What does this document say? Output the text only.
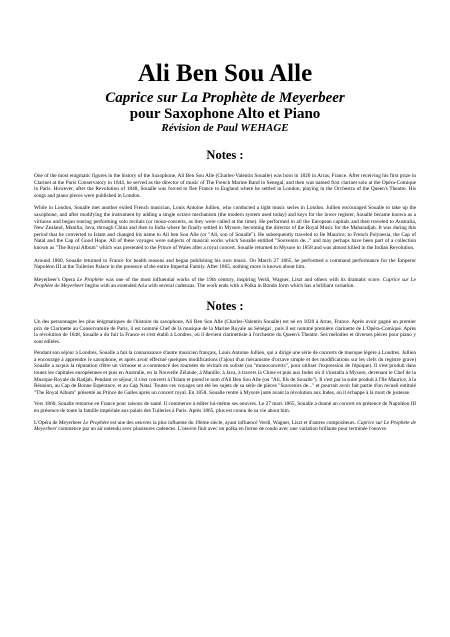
Ali Ben Sou Alle
Caprice sur La Prophète de Meyerbeer
pour Saxophone Alto et Piano
Révision de Paul WEHAGE
Notes :

One of the most enigmatic figures in the history of the Saxophone, Ali Ben Sou Alle (Charles-Valentin Soualle) was born in 1820 in Arras, France. After receiving his first prize in Clarinet at the Paris Conservatory in 1844, he served as the director of music of The French Marine Band in Senegal, and then was named first clarinet solo at the Opéra-Comique in Paris. However, after the Revolution of 1848, Soualle was forced to flee France to England where he settled in London, playing in the Orchestra of the Queen's Theatre. His songs and piano pieces were published in London.

While in London, Soualle met another exiled French musician, Louis Antoine Jullien, who conducted a light music series in London. Jullien encouraged Soualle to take up the saxophone, and after modifying the instrument by adding a single octave mechanism (the modern system used today) and keys for the lower register, Soualle became known as a virtuoso and began touring performing solo recitals (or mono-concerts, as they were called at the time). He performed in all the European capitals and then traveled to Australia, New Zealand, Manilla, Java, through China and then to India where he finally settled in Mysore, becoming the director of the Royal Music for the Maharadjah. It was during this period that he converted to Islam and changed his name to Ali ben Sou Alle (or "Ali, son of Soualle"). He subsequently traveled to Ile Maurice, to French Polynesia, the Cap of Natal and the Cap of Good Hope. All of these voyages were subjects of musical works which Soualle entitled "Souvenirs de..." and may perhaps have been part of a collection known as "The Royal Album" which was presented to the Prince of Wales after a royal concert. Soualle returned to Mysore in 1858 and was almost killed in the Indian Revolution.

Around 1860, Soualle returned to France for health reasons and began publishing his own music. On March 27 1865, he performed a command performance for the Emperor Napoléon III at the Tuileries Palace in the presence of the entire Imperial Family. After 1865, nothing more is known about him.

Meyerbeer's Opera Le Prophète was one of the most influential works of the 19th century, inspiring Verdi, Wagner, Liszt and others with its dramatic score. Caprice sur Le Prophète de Meyerbeer begins with an extended Aria with several cadenzas. The work ends with a Polka in Rondo form which has a brilliant variation.

Notes :

Un des personnages les plus énigmatiques de l'histoire du saxophone, Ali Ben Sou Alle (Charles-Valentin Soualle) est né en 1820 à Arras, France. Après avoir gagné un premier prix de Clarinette au Conservatoire de Paris, il est nommé Chef de la musique de la Marine Royale au Sénégal , puis il est nommé première clarinette de L'Opéra-Comique. Après la révolution de 1848, Soualle a du fuir la France et s'est établi à Londres, où il devient clarinettiste à l'orchestre du Queen's Theatre. Ses mélodies et diverses pièces pour piano y sont éditées.

Pendant son séjour à Londres, Soualle a fait la connaissance d'autre musicien français, Louis Antoine Jullien, qui a dirigé une série de concerts de musique légère à Londres. Jullien a encouragé à apprendre le saxophone, et après avoir effectué quelques modifications (l'ajout d'un mécanisme d'octave simple et des modifications sur les clefs du registre grave) Soualle a acquis la réputation d'être un virtuose et a commencé des tournées de récitals en soliste (ou "monoconcerts", pour utiliser l'expression de l'époque). Il s'est produit dans toutes les capitales européennes et puis en Australie, en la Nouvelle Zélande, à Manille, à Java, à travers la Chine et puis aux Indes où il s'installa à Mysore, devenant le Chef de la Musique Royale du Radjah. Pendant ce séjour, il s'est converti à l'Islam et prend le nom d'Ali Ben Sou Alle (ou "Ali, fils de Soualle"). Il s'est par la suite produit à l'Ile Maurice, à la Réunion, au Cap de Bonne Espérance, et au Cap Natal. Toutes ces voyages ont été les sujets de sa série de pièces "Souvenirs de..." et pourrait avoir fait partie d'un recueil entitulé "The Royal Album" présenté au Prince de Galles après un concert royal. En 1858, Soualle rentre à Mysore juste avant la révolution aux Indes, où il échappe à la mort de justesse.

Vers 1860, Soualle retourne en France pour raisons de santé. Il commence à éditer lui-même ses oeuvres. Le 27 mars 1865, Soualle a donné un concert en présence de Napoléon III en présence de toute la famille impériale aux palais des Tuileries à Paris. Après 1865, plus est connu de sa vie about him.

L'Opéra de Meyerbeer Le Prophète est une des oeuvres la plus influente du 19ème siècle, ayant influencé Verdi, Wagner, Liszt et d'autres compositeurs. Caprice sur Le Prophète de Meyerbeer commence par un air entendu avec plusieures cadences. L'oeuvre finit avec un polka en forme de rondo avec une variation brillante pour terminée l'oeuvre.
